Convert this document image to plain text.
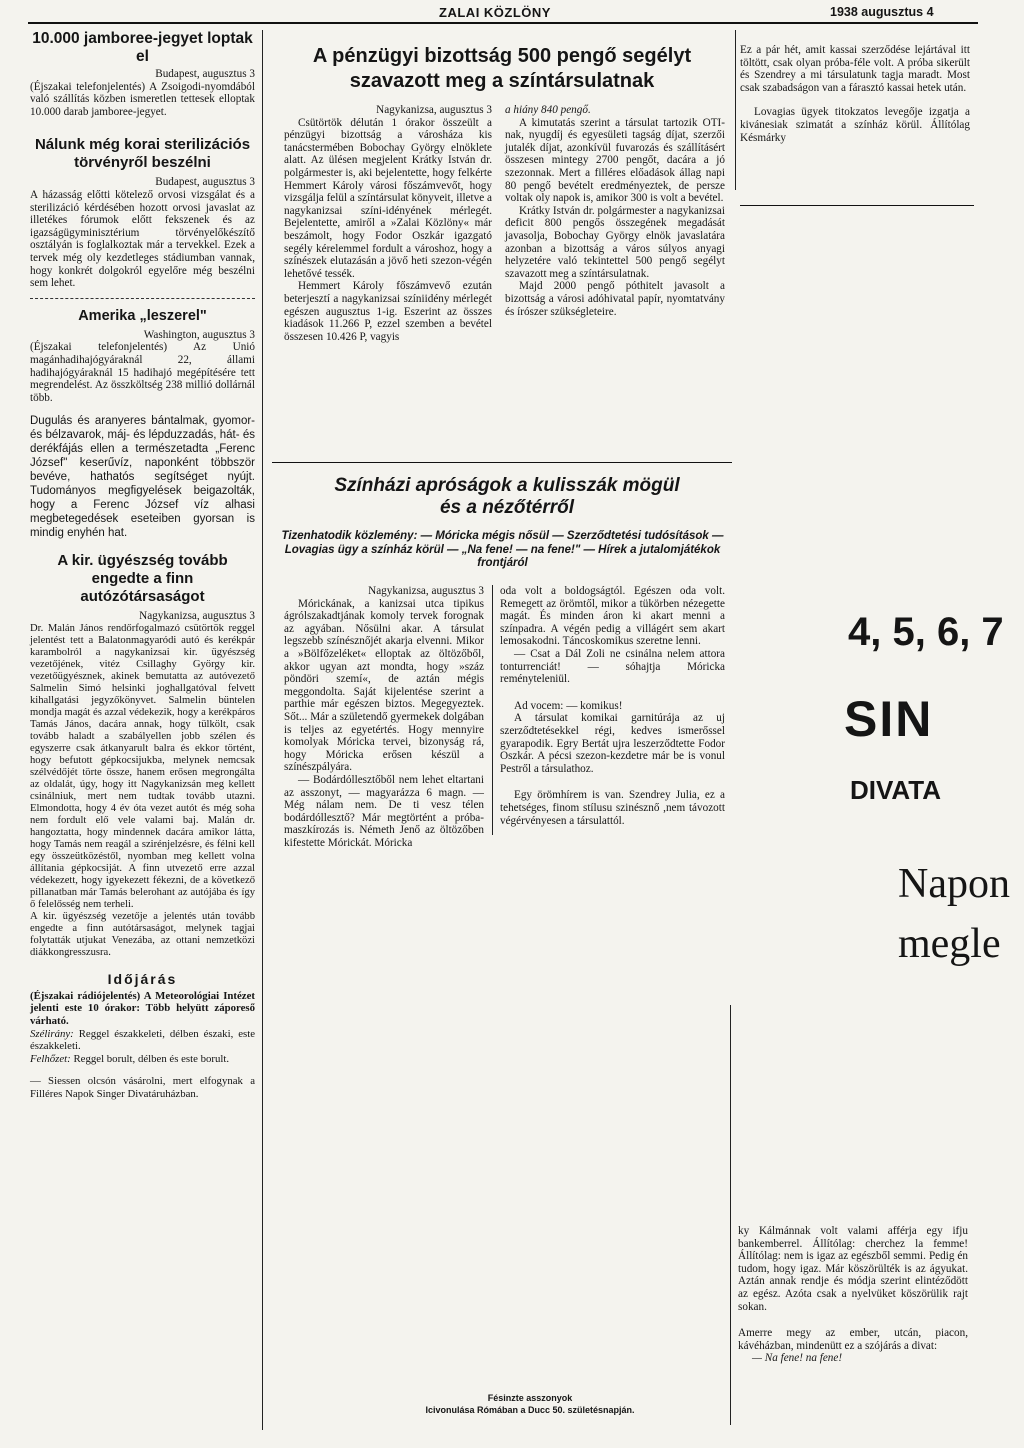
ZALAI KÖZLÖNY	1938 augusztus 4
10.000 jamboree-jegyet loptak el

Budapest, augusztus 3

(Éjszakai telefonjelentés) A Zsoigodi-nyomdából való szállítás közben ismeretlen tettesek elloptak 10.000 darab jamboree-jegyet.

Nálunk még korai sterilizációs törvényről beszélni

Budapest, augusztus 3

A házasság előtti kötelező orvosi vizsgálat és a sterilizáció kérdésében hozott orvosi javaslat az illetékes fórumok előtt fekszenek és az igazságügyminisztérium törvényelőkészítő osztályán is foglalkoztak már a tervekkel. Ezek a tervek még oly kezdetleges stádiumban vannak, hogy konkrét dolgokról egyelőre még beszélni sem lehet.

Amerika „leszerel"

Washington, augusztus 3

(Éjszakai telefonjelentés) Az Unió magánhadihajógyáraknál 22, állami hadihajógyáraknál 15 hadihajó megépítésére tett megrendelést. Az összköltség 238 millió dollárnál több.

Dugulás és aranyeres bántalmak, gyomor- és bélzavarok, máj- és lépduzzadás, hát- és derékfájás ellen a természetadta „Ferenc József" keserűvíz, naponként többször bevéve, hathatós segítséget nyújt. Tudományos megfigyelések beigazolták, hogy a Ferenc József víz alhasi megbetegedések eseteiben gyorsan is mindig enyhén hat.

A kir. ügyészség tovább engedte a finn autózótársaságot

Nagykanizsa, augusztus 3

Dr. Malán János rendőrfogalmazó csütörtök reggel jelentést tett a Balatonmagyaródi autó és kerékpár karambolról a nagykanizsai kir. ügyészség vezetőjének, vitéz Csillaghy György kir. vezetőügyésznek, akinek bemutatta az autóvezető Salmelin Simó helsinki joghallgatóval felvett kihallgatási jegyzőkönyvet. Salmelin büntelen mondja magát és azzal védekezik, hogy a kerékpáros Tamás János, dacára annak, hogy tülkölt, csak tovább haladt a szabályellen jobb szélen és egyszerre csak átkanyarult balra és ekkor történt, hogy befutott gépkocsijukba, melynek nemcsak szélvédőjét törte össze, hanem erősen megrongálta az oldalát, úgy, hogy itt Nagykanizsán meg kellett csinálniuk, mert nem tudtak tovább utazni. Elmondotta, hogy 4 év óta vezet autót és még soha nem fordult elő vele valami baj. Malán dr. hangoztatta, hogy mindennek dacára amikor látta, hogy Tamás nem reagál a szirénjelzésre, és félni kell egy összeütközéstől, nyomban meg kellett volna állítania gépkocsiját. A finn utvezető erre azzal védekezett, hogy igyekezett fékezni, de a következő pillanatban már Tamás belerohant az autójába és így ő felelősség nem terheli.

A kir. ügyészség vezetője a jelentés után tovább engedte a finn autótársaságot, melynek tagjai folytatták utjukat Venezába, az ottani nemzetközi diákkongresszusra.

Időjárás

(Éjszakai rádiójelentés) A Meteorológiai Intézet jelenti este 10 órakor: Több helyütt záporeső várható.

Szélirány: Reggel északkeleti, délben északi, este északkeleti.

Felhőzet: Reggel borult, délben és este borult.

— Siessen olcsón vásárolni, mert elfogynak a Filléres Napok Singer Divatáruházban.

A pénzügyi bizottság 500 pengő segélyt szavazott meg a színtársulatnak

Nagykanizsa, augusztus 3

Csütörtök délután 1 órakor összeült a pénzügyi bizottság a városháza kis tanácstermében Bobochay György elnöklete alatt. Az ülésen megjelent Krátky István dr. polgármester is, aki bejelentette, hogy felkérte Hemmert Károly városi főszámvevőt, hogy vizsgálja felül a színtársulat könyveit, illetve a nagykanizsai színi-idényének mérlegét. Bejelentette, amiről a »Zalai Közlöny« már beszámolt, hogy Fodor Oszkár igazgató segély kérelemmel fordult a városhoz, hogy a színészek elutazásán a jövő heti szezon-végén lehetővé tessék.

Hemmert Károly főszámvevő ezután beterjesztí a nagykanizsai színiidény mérlegét egészen augusztus 1-ig. Eszerint az összes kiadások 11.266 P, ezzel szemben a bevétel összesen 10.426 P, vagyis

a hiány 840 pengő.

A kimutatás szerint a társulat tartozik OTI-nak, nyugdíj és egyesületi tagság díjat, szerzői jutalék díjat, azonkívül fuvarozás és szállításért összesen mintegy 2700 pengőt, dacára a jó szezonnak. Mert a filléres előadások állag napi 80 pengő bevételt eredményeztek, de persze voltak oly napok is, amikor 300 is volt a bevétel.

Krátky István dr. polgármester a nagykanizsai deficit 800 pengős összegének megadását javasolja, Bobochay György elnök javaslatára azonban a bizottság a város súlyos anyagi helyzetére való tekintettel 500 pengő segélyt szavazott meg a színtársulatnak.

Majd 2000 pengő póthitelt javasolt a bizottság a városi adóhivatal papír, nyomtatvány és írószer szükségleteire.

Ez a pár hét, amit kassai szerződése lejártával itt töltött, csak olyan próba-féle volt. A próba sikerült és Szendrey a mi társulatunk tagja maradt. Most csak szabadságon van a fárasztó kassai hetek után.

Lovagias ügyek titokzatos levegője izgatja a kivánesiak szimatát a színház körül. Állítólag Késmárky

Színházi apróságok a kulisszák mögül
és a nézőtérről
Tizenhatodik közlemény: — Móricka mégis nősül — Szerződtetési tudósítások — Lovagias ügy a színház körül — „Na fene! — na fene!" — Hírek a jutalomjátékok frontjáról

Nagykanizsa, augusztus 3

Mórickának, a kanizsai utca tipikus ágrólszakadtjának komoly tervek forognak az agyában. Nősülni akar. A társulat legszebb színésznőjét akarja elvenni. Mikor a »Bölfőzeléket« elloptak az öltözőből, akkor ugyan azt mondta, hogy »száz pöndöri szemí«, de aztán mégis meggondolta. Saját kijelentése szerint a parthie már egészen biztos. Megegyeztek. Sőt... Már a születendő gyermekek dolgában is teljes az egyetértés. Hogy mennyire komolyak Móricka tervei, bizonyság rá, hogy Móricka erősen készül a színészpályára.

— Bodárdóllesztőből nem lehet eltartani az asszonyt, — magyarázza 6 magn. — Még nálam nem. De ti vesz télen bodárdóllesztő? Már megtörtént a próba-maszkírozás is. Németh Jenő az öltözőben kifestette Mórickát. Móricka

oda volt a boldogságtól. Egészen oda volt. Remegett az örömtől, mikor a tükörben nézegette magát. És minden áron ki akart menni a színpadra. A végén pedig a villágért sem akart lemosakodni. Táncoskomikus szeretne lenni.

— Csat a Dál Zoli ne csinálna nelem attora tonturrenciát! — sóhajtja Móricka reményteleniül.

Ad vocem: — komikus!

A társulat komikai garnitúrája az uj szerződtetésekkel régi, kedves ismerőssel gyarapodik. Egry Bertát ujra leszerződtette Fodor Oszkár. A pécsi szezon-kezdetre már be is vonul Pestről a társulathoz.

Egy örömhírem is van. Szendrey Julia, ez a tehetséges, finom stílusu szinésznő ,nem távozott végérvényesen a társulattól.

ky Kálmánnak volt valami afférja egy ifju bankemberrel. Állítólag: cherchez la femme! Állítólag: nem is igaz az egészből semmi. Pedig én tudom, hogy igaz. Már köszörülték is az ágyukat. Aztán annak rendje és módja szerint elintéződött az egész. Azóta csak a nyelvüket köszörülik rajt sokan.

Amerre megy az ember, utcán, piacon, kávéházban, mindenütt ez a szójárás a divat:

— Na fene! na fene!

4, 5, 6, 7
SIN
DIVATA
Napon
megle
Fésinzte asszonyok
Icivonulása Rómában a Ducc 50. születésnapján.
